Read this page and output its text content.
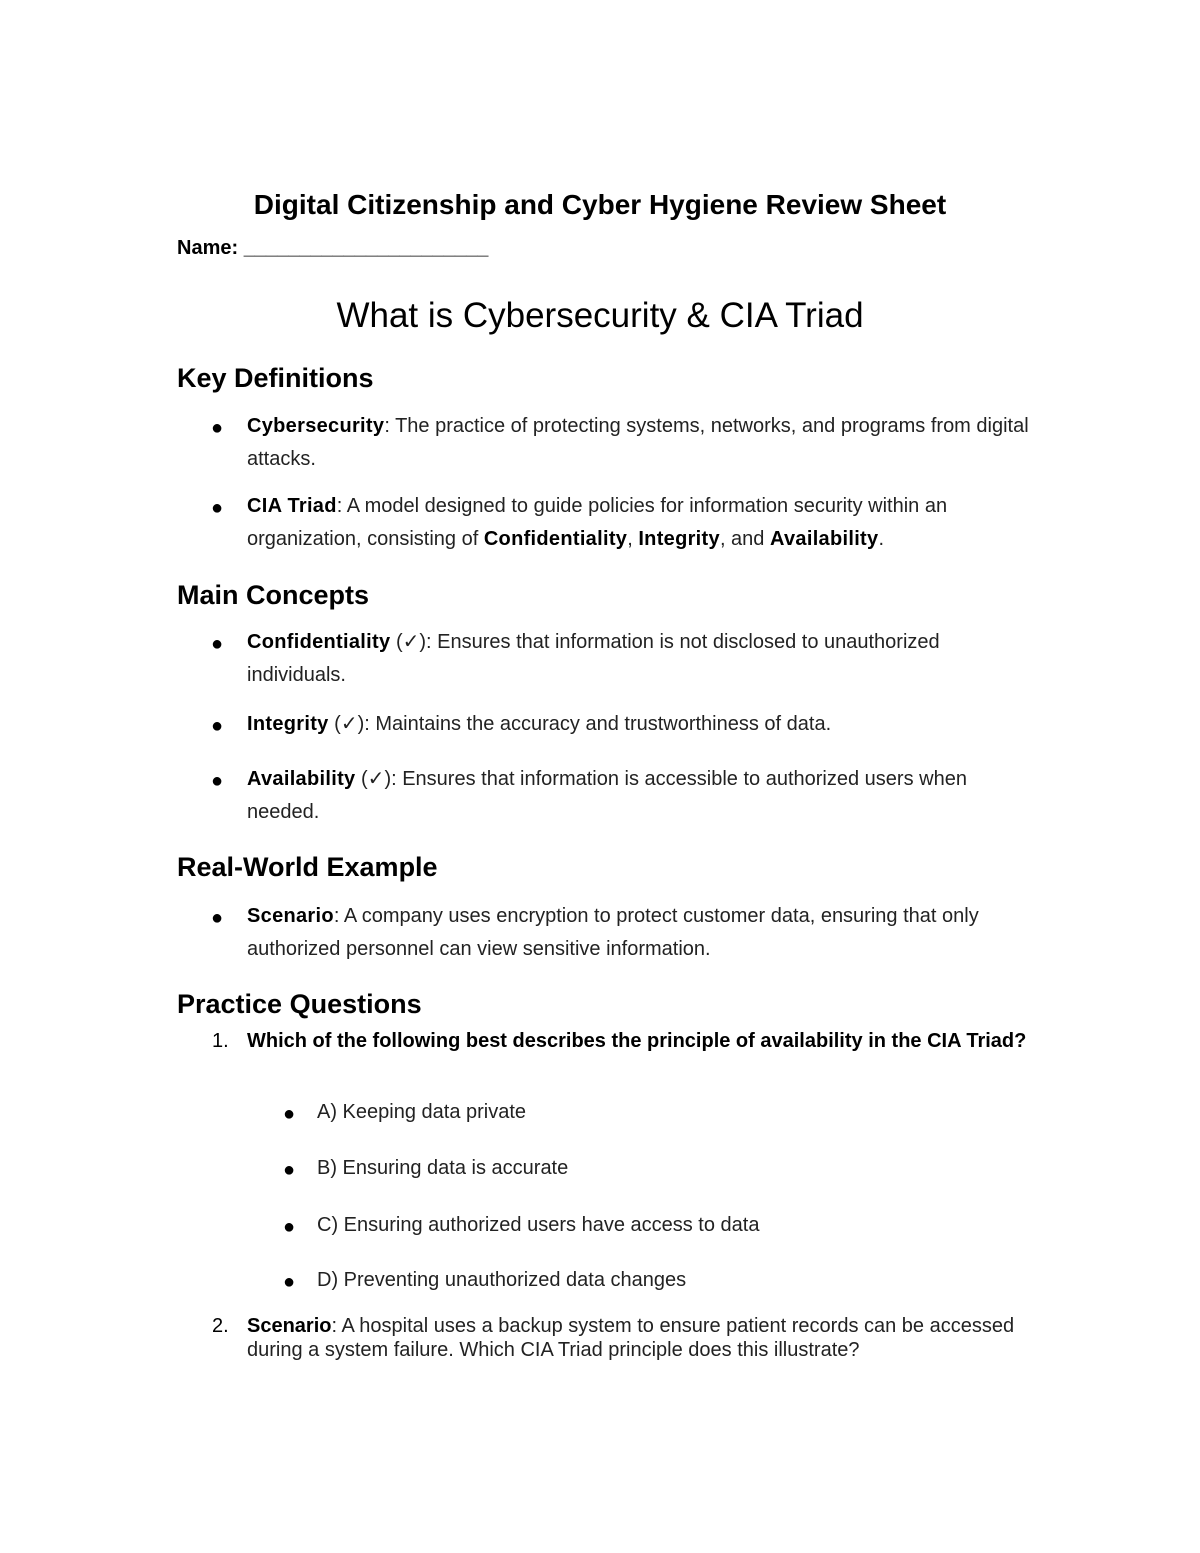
Digital Citizenship and Cyber Hygiene Review Sheet
Name: ______________________
What is Cybersecurity & CIA Triad
Key Definitions
●	Cybersecurity: The practice of protecting systems, networks, and programs from digital attacks.
●	CIA Triad: A model designed to guide policies for information security within an organization, consisting of Confidentiality, Integrity, and Availability.
Main Concepts
●	Confidentiality (✓): Ensures that information is not disclosed to unauthorized individuals.
●	Integrity (✓): Maintains the accuracy and trustworthiness of data.
●	Availability (✓): Ensures that information is accessible to authorized users when needed.
Real-World Example
●	Scenario: A company uses encryption to protect customer data, ensuring that only authorized personnel can view sensitive information.
Practice Questions
1. Which of the following best describes the principle of availability in the CIA Triad?
●	A) Keeping data private
●	B) Ensuring data is accurate
●	C) Ensuring authorized users have access to data
●	D) Preventing unauthorized data changes
2. Scenario: A hospital uses a backup system to ensure patient records can be accessed during a system failure. Which CIA Triad principle does this illustrate?
